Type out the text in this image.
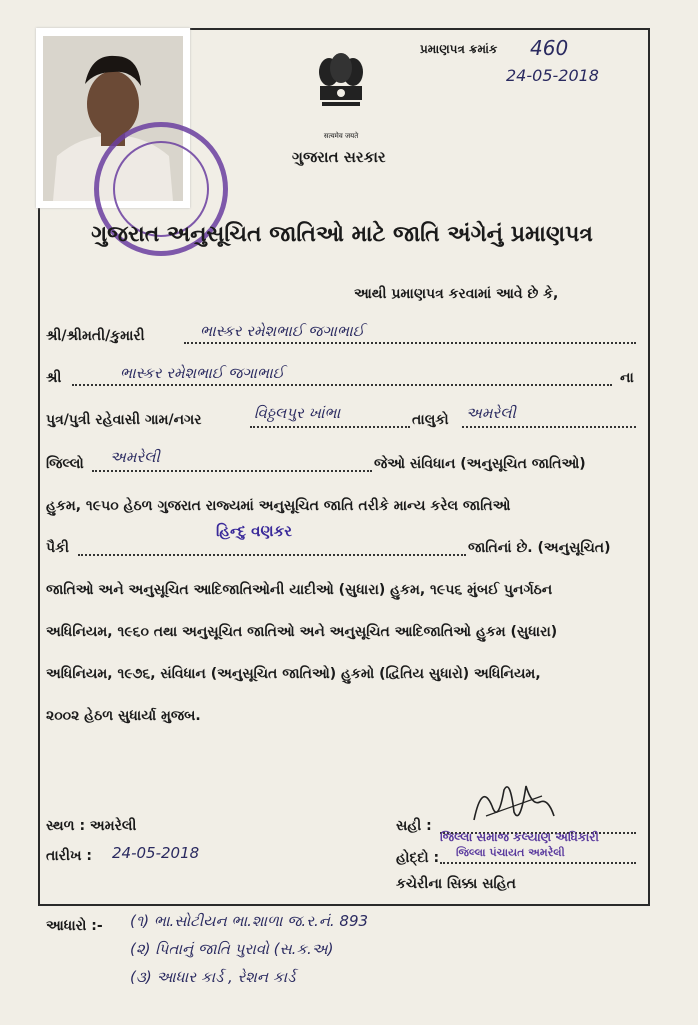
सत्यमेव जयते
ગુજરાત સરકાર
પ્રમાણપત્ર ક્રમાંક 460
24-05-2018
ગુજરાત અનુસૂચિત જાતિઓ માટે જાતિ અંગેનું પ્રમાણપત્ર
આથી પ્રમાણપત્ર કરવામાં આવે છે કે,
શ્રી/શ્રીમતી/કુમારી	ભાસ્કર રમેશભાઈ જગાભાઈ
શ્રી	ભાસ્કર રમેશભાઈ જગાભાઈ	ના
પુત્ર/પુત્રી રહેવાસી ગામ/નગર	વિઠ્ઠલપુર ખાંભા	તાલુકો અમરેલી
જિલ્લો અમરેલી	જેઓ સંવિધાન (અનુસૂચિત જાતિઓ)
હુકમ, ૧૯૫૦ હેઠળ ગુજરાત રાજ્યમાં અનુસૂચિત જાતિ તરીકે માન્ય કરેલ જાતિઓ
પૈકી
હિન્દુ વણકર
જાતિનાં છે. (અનુસૂચિત)
જાતિઓ અને અનુસૂચિત આદિજાતિઓની યાદીઓ (સુધારા) હુકમ, ૧૯૫૬ મુંબઈ પુનર્ગઠન
અધિનિયમ, ૧૯૬૦ તથા અનુસૂચિત જાતિઓ અને અનુસૂચિત આદિજાતિઓ હુકમ (સુધારા)
અધિનિયમ, ૧૯૭૬, સંવિધાન (અનુસૂચિત જાતિઓ) હુકમો (દ્વિતિય સુધારો) અધિનિયમ,
૨૦૦૨ હેઠળ સુધાર્યા મુજબ.
સ્થળ : અમરેલી
તારીખ : 24-05-2018
સહી :
જિલ્લા સમાજ કલ્યાણ અધિકારી
હોદ્દો : જિલ્લા પંચાયત અમરેલી
કચેરીના સિક્કા સહિત
આધારો :- (૧) ભા.સોટીયન ભા.શાળા જ.ર.નં. 893
(૨) પિતાનું જાતિ પુરાવો (સ.ક.અ)
(૩) આધાર કાર્ડ , રેશન કાર્ડ
